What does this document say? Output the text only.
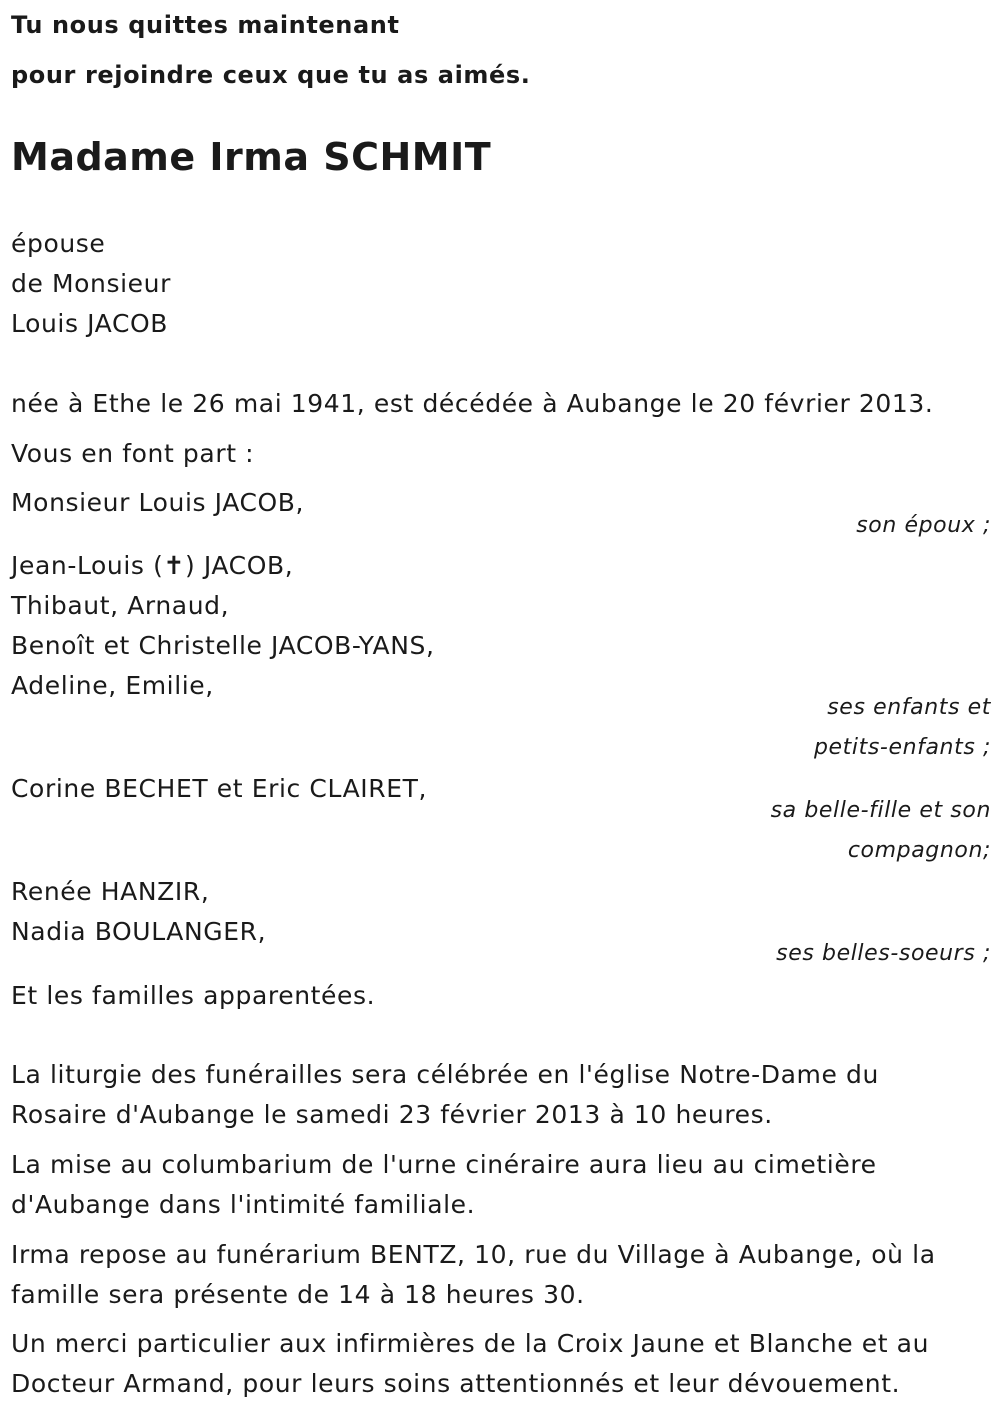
Tu nous quittes maintenant
pour rejoindre ceux que tu as aimés.
Madame Irma SCHMIT
épouse
de Monsieur
Louis JACOB
née à Ethe le 26 mai 1941, est décédée à Aubange le 20 février 2013.
Vous en font part :
Monsieur Louis JACOB,
son époux ;
Jean-Louis (✝) JACOB,
Thibaut, Arnaud,
Benoît et Christelle JACOB-YANS,
Adeline, Emilie,
ses enfants et
petits-enfants ;
Corine BECHET et Eric CLAIRET,
sa belle-fille et son
compagnon;
Renée HANZIR,
Nadia BOULANGER,
ses belles-soeurs ;
Et les familles apparentées.
La liturgie des funérailles sera célébrée en l'église Notre-Dame du
Rosaire d'Aubange le samedi 23 février 2013 à 10 heures.
La mise au columbarium de l'urne cinéraire aura lieu au cimetière
d'Aubange dans l'intimité familiale.
Irma repose au funérarium BENTZ, 10, rue du Village à Aubange, où la
famille sera présente de 14 à 18 heures 30.
Un merci particulier aux infirmières de la Croix Jaune et Blanche et au
Docteur Armand, pour leurs soins attentionnés et leur dévouement.
